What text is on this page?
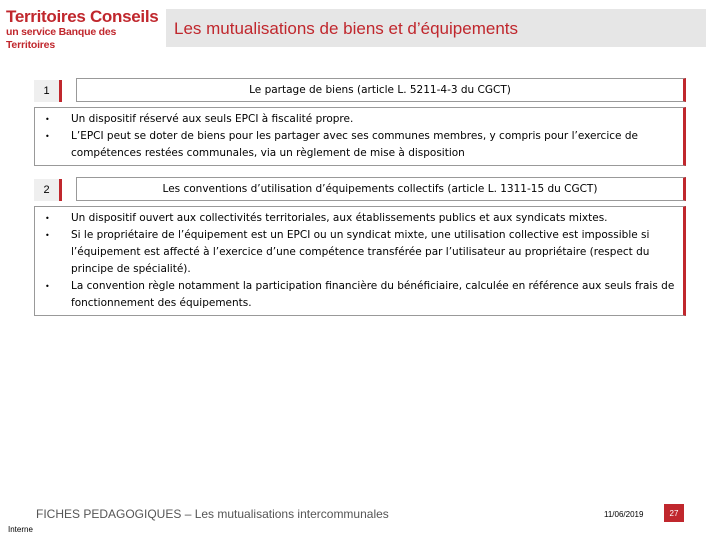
Territoires Conseils
un service Banque des Territoires
Les mutualisations de biens et d’équipements
1	Le partage de biens (article L. 5211-4-3 du CGCT)
•	Un dispositif réservé aux seuls EPCI à fiscalité propre.
•	L’EPCI peut se doter de biens pour les partager avec ses communes membres, y compris pour l’exercice de compétences restées communales, via un règlement de mise à disposition
2	Les conventions d’utilisation d’équipements collectifs (article L. 1311-15 du CGCT)
•	Un dispositif ouvert aux collectivités territoriales, aux établissements publics et aux syndicats mixtes.
•	Si le propriétaire de l’équipement est un EPCI ou un syndicat mixte, une utilisation collective est impossible si l’équipement est affecté à l’exercice d’une compétence transférée par l’utilisateur au propriétaire (respect du principe de spécialité).
•	La convention règle notamment la participation financière du bénéficiaire, calculée en référence aux seuls frais de fonctionnement des équipements.
FICHES PEDAGOGIQUES – Les mutualisations intercommunales	11/06/2019	27
Interne
